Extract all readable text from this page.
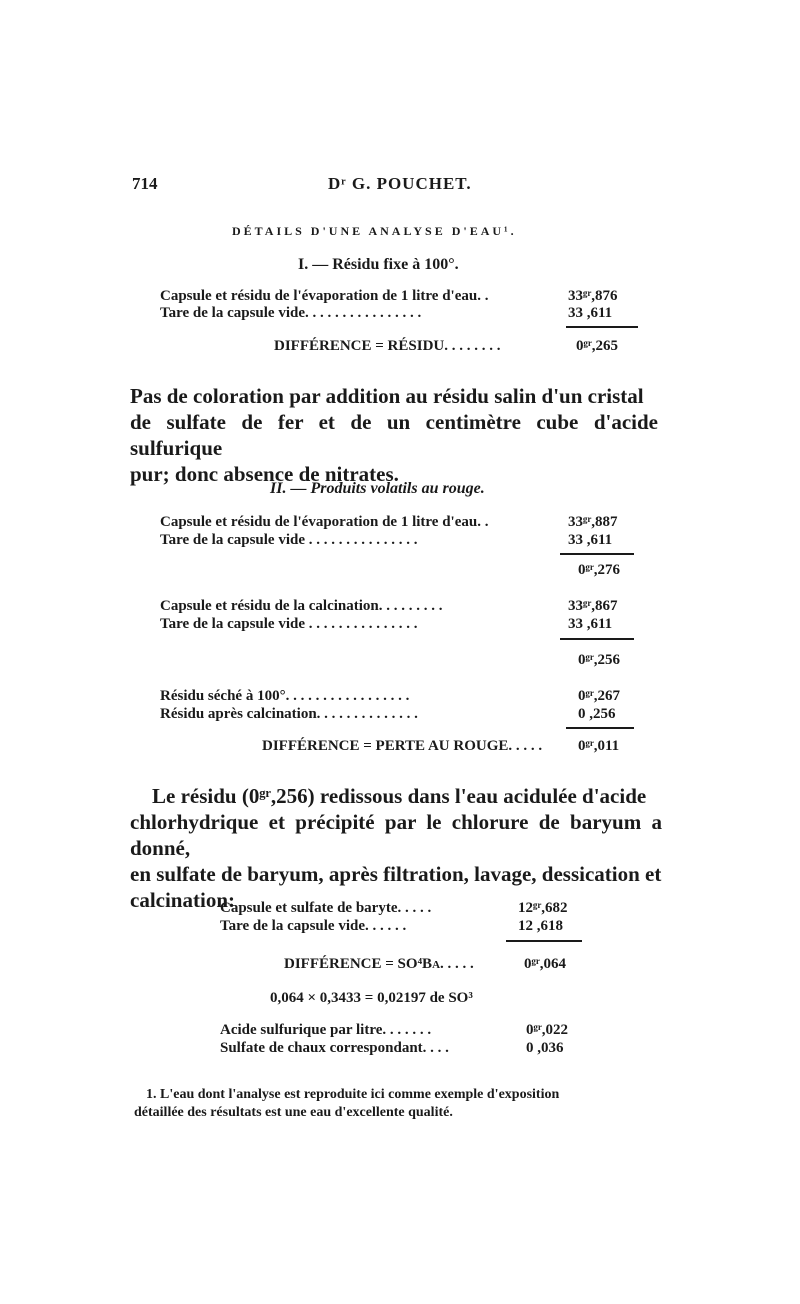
714	Dʳ G. POUCHET.
DÉTAILS D'UNE ANALYSE D'EAU¹.
I. — Résidu fixe à 100°.
Capsule et résidu de l'évaporation de 1 litre d'eau. .	33ᵍʳ,876
Tare de la capsule vide. . . . . . . . . . . . . . . .	33 ,611
DIFFÉRENCE = RÉSIDU. . . . . . . .	0ᵍʳ,265
Pas de coloration par addition au résidu salin d'un cristal
de sulfate de fer et de un centimètre cube d'acide sulfurique
pur; donc absence de nitrates.
II. — Produits volatils au rouge.
Capsule et résidu de l'évaporation de 1 litre d'eau. .	33ᵍʳ,887
Tare de la capsule vide . . . . . . . . . . . . . . .	33 ,611
0ᵍʳ,276
Capsule et résidu de la calcination. . . . . . . . .	33ᵍʳ,867
Tare de la capsule vide . . . . . . . . . . . . . . .	33 ,611
0ᵍʳ,256
Résidu séché à 100°. . . . . . . . . . . . . . . . .	0ᵍʳ,267
Résidu après calcination. . . . . . . . . . . . . .	0 ,256
DIFFÉRENCE = PERTE AU ROUGE. . . . . 0ᵍʳ,011
Le résidu (0ᵍʳ,256) redissous dans l'eau acidulée d'acide
chlorhydrique et précipité par le chlorure de baryum a donné,
en sulfate de baryum, après filtration, lavage, dessication et
calcination:
Capsule et sulfate de baryte. . . . .	12ᵍʳ,682
Tare de la capsule vide. . . . . .	12 ,618
DIFFÉRENCE = SO⁴Ba. . . . .	0ᵍʳ,064
0,064 × 0,3433 = 0,02197 de SO³
Acide sulfurique par litre. . . . . . .	0ᵍʳ,022
Sulfate de chaux correspondant. . . .	0 ,036
1. L'eau dont l'analyse est reproduite ici comme exemple d'exposition
détaillée des résultats est une eau d'excellente qualité.
